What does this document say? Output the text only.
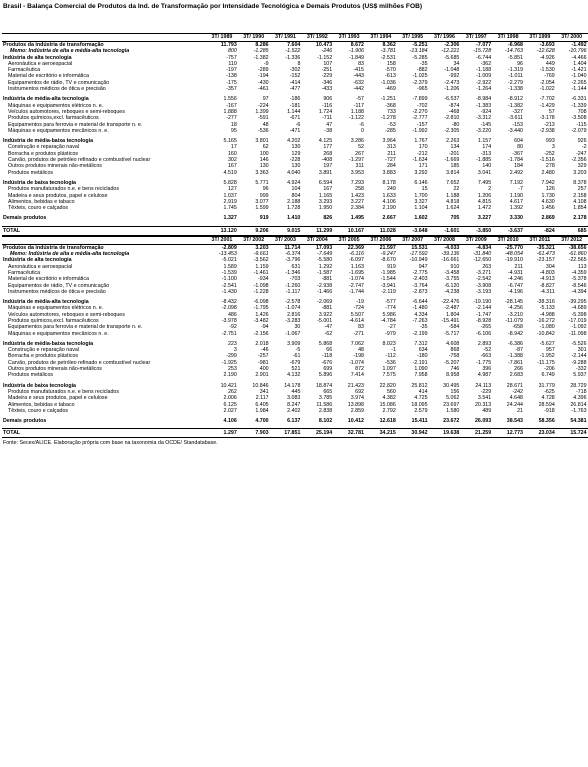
Brasil - Balança Comercial de Produtos da Ind. de Transformação por Intensidade Tecnológica e Demais Produtos (US$ milhões FOB)
	3T/ 1989	3T/ 1990	3T/ 1991	3T/ 1992	3T/ 1993	3T/ 1994	3T/ 1995	3T/ 1996	3T/ 1997	3T/ 1998	3T/ 1999	3T/ 2000
Produtos da indústria de transformação	11.793	8.286	7.604	10.473	8.672	8.362	-5.251	-2.306	-7.077	-6.968	-3.693	-1.492
Memo: Indústria de alta e média-alta tecnologia	800	-1.285	-1.522	-246	-1.906	-3.781	-13.184	-12.221	-15.728	-14.763	-12.628	-10.796
Indústria de alta tecnologia	-757	-1.382	-1.336	-1.152	-1.849	-2.531	-5.285	-5.685	-6.744	-5.851	-4.926	-4.466
Aeronáutica e aeroespacial	110	-9	8	107	83	158	-35	34	-362	96	449	1.404
Farmacêutica	-197	-289	-302	-251	-415	-570	-882	-1.048	-1.188	-1.319	-1.530	-1.421
Material de escritório e informática	-138	-194	-152	-229	-443	-613	-1.025	-992	-1.009	-1.011	-769	-1.040
Equipamentos de rádio, TV e comunicação	-175	-430	-414	-346	-632	-1.036	-2.379	-2.473	-2.922	-2.279	-2.054	-2.265
Instrumentos médicos de ótica e precisão	-357	-461	-477	-433	-442	-469	-965	-1.206	-1.264	-1.338	-1.022	-1.144

Indústria de média-alta tecnologia	1.556	97	-186	906	-57	-1.251	-7.899	-6.537	-8.984	-8.912	-7.702	-6.331
Máquinas e equipamentos elétricos n. e.	-167	-224	-181	-116	-117	-368	-702	-874	-1.383	-1.382	-1.429	-1.339
Veículos automotores, reboques e semi-reboques	1.888	1.399	1.144	1.724	1.188	733	-2.270	-468	-924	-327	57	708
Produtos químicos,excl. farmacêuticos	-277	-591	-671	-711	-1.122	-1.278	-2.777	-2.810	-3.312	-3.611	-3.178	-3.508
Equipamentos para ferrovia e material de transporte n. e.	18	48	-6	47	-6	-53	-157	-80	-145	-153	-213	-115
Máquinas e equipamentos mecânicos n. e.	95	-536	-471	-38	0	-285	-1.992	-2.305	-3.220	-3.440	-2.938	-2.079

Indústria de média-baixa tecnologia	5.165	3.801	4.202	4.125	3.286	3.964	1.767	2.263	1.157	604	993	926
Construção e reparação naval	17	62	130	177	52	313	170	134	174	80	3	-2
Borracha e produtos plásticos	160	100	129	268	267	211	-212	-201	-313	-367	-252	-247
Carvão, produtos de petróleo refinado e combustível nuclear	302	146	-228	-408	-1.297	-727	-1.634	-1.669	-1.885	-1.784	-1.516	-2.356
Outros produtos minerais não-metálicos	167	130	130	197	311	284	171	185	140	184	278	329
Produtos metálicos	4.519	3.363	4.040	3.891	3.953	3.883	3.292	3.814	3.041	2.492	2.480	3.203

Indústria de baixa tecnologia	5.828	5.771	4.924	6.594	7.293	8.178	6.146	7.652	7.495	7.192	7.942	8.378
Produtos manufaturados n.e. e bens reciclados	127	96	104	167	258	249	15	22	2	-7	126	257
Madeira e seus produtos, papel e celulose	1.037	999	804	1.165	1.423	1.633	1.700	1.188	1.206	1.190	1.730	2.158
Alimentos, bebidas e tabaco	2.919	3.077	2.188	3.293	3.227	4.106	3.327	4.818	4.815	4.617	4.630	4.108
Têxteis, couro e calçados	1.745	1.599	1.728	1.950	2.384	2.190	1.104	1.624	1.472	1.392	1.456	1.854

Demais produtos	1.327	919	1.410	826	1.495	2.667	1.602	705	3.227	3.330	2.869	2.178

TOTAL	13.120	9.206	9.015	11.299	10.167	11.028	-3.648	-1.601	-3.850	-3.637	-824	685
	3T/ 2001	3T/ 2002	3T/ 2003	3T/ 2004	3T/ 2005	3T/ 2006	3T/ 2007	3T/ 2008	3T/ 2009	3T/ 2010	3T/ 2011	3T/ 2012
Produtos da indústria de transformação	-2.809	3.203	11.714	17.093	22.369	21.597	15.531	-4.033	-4.834	-25.770	-35.321	-38.656
Memo: Indústria de alta e média-alta tecnologia	-13.453	-9.661	-6.374	-7.649	-6.116	-9.247	-17.592	-39.136	-31.840	-48.054	-61.473	-61.860
Indústria de alta tecnologia	-5.021	-3.562	-3.796	-5.580	-6.097	-8.670	-10.949	-16.661	-12.650	-19.910	-23.157	-22.565
Aeronáutica e aeroespacial	1.589	1.159	631	1.292	1.163	919	947	910	263	211	304	113
Farmacêutica	-1.539	-1.461	-1.346	-1.587	-1.695	-1.985	-2.775	-3.458	-3.271	-4.931	-4.803	-4.359
Material de escritório e informática	-1.100	-934	-703	-881	-1.074	-1.544	-2.403	-3.755	-2.542	-4.246	-4.913	-5.378
Equipamentos de rádio, TV e comunicação	-2.541	-1.098	-1.260	-2.938	-2.747	-3.941	-3.764	-6.120	-3.908	-6.747	-8.827	-8.546
Instrumentos médicos de ótica e precisão	-1.430	-1.228	-1.117	-1.466	-1.744	-2.119	-2.873	-4.238	-3.193	-4.196	-4.311	-4.394

Indústria de média-alta tecnologia	-8.432	-6.098	-2.578	-2.069	-19	-577	-6.644	-22.476	-19.190	-28.145	-38.316	-39.295
Máquinas e equipamentos elétricos n. e.	-2.098	-1.795	-1.074	-881	-724	-774	-1.480	-2.487	-2.144	-4.256	-5.133	-4.689
Veículos automotores, reboques e semi-reboques	486	1.426	2.816	3.922	5.507	5.986	4.334	1.804	-1.747	-3.210	-4.988	-5.398
Produtos químicos,excl. farmacêuticos	-3.978	-3.482	-3.283	-5.001	-4.614	-4.784	-7.263	-15.491	-8.928	-11.079	-16.272	-17.019
Equipamentos para ferrovia e material de transporte n. e.	-92	-94	30	-47	83	-27	-35	-584	-265	-658	-1.080	-1.092
Máquinas e equipamentos mecânicos n. e.	-2.751	-2.156	-1.067	-62	-271	-979	-2.199	-5.717	-6.106	-8.942	-10.842	-11.098

Indústria de média-baixa tecnologia	223	2.018	3.909	5.868	7.062	8.023	7.312	4.608	2.893	-6.386	-5.627	-5.526
Construção e reparação naval	3	-46	-5	66	48	-1	634	868	-52	-87	957	301
Borracha e produtos plásticos	-299	-257	-61	-118	-198	-112	-180	-758	-663	-1.388	-1.952	-2.144
Carvão, produtos de petróleo refinado e combustível nuclear	-1.925	-981	-679	-676	-1.074	-536	-2.191	-5.207	-1.775	-7.861	-11.175	-9.288
Outros produtos minerais não-metálicos	253	400	521	699	872	1.097	1.090	746	396	266	-206	-332
Produtos metálicos	2.190	2.901	4.132	5.896	7.414	7.575	7.958	8.958	4.987	2.683	6.749	5.937

Indústria de baixa tecnologia	10.421	10.846	14.178	18.874	21.423	22.820	25.812	30.495	24.113	28.671	31.779	28.729
Produtos manufaturados n.e. e bens reciclados	262	341	445	665	692	560	414	156	-229	-242	-625	-718
Madeira e seus produtos, papel e celulose	2.006	2.117	3.083	3.785	3.974	4.382	4.725	5.062	3.541	4.648	4.728	4.396
Alimentos, bebidas e tabaco	6.125	6.405	8.247	11.586	13.898	15.086	18.095	23.697	20.313	24.244	28.594	26.814
Têxteis, couro e calçados	2.027	1.984	2.402	2.838	2.859	2.792	2.579	1.580	489	21	-918	-1.763

Demais produtos	4.106	4.700	6.137	8.102	10.412	12.618	15.411	23.672	26.093	38.543	58.356	54.381

TOTAL	1.297	7.903	17.851	25.194	32.781	34.215	30.942	19.638	21.259	12.773	23.034	15.724
Fonte: Secex/ALICE. Elaboração própria com base na taxonomia da OCDE/ Standatabase.
